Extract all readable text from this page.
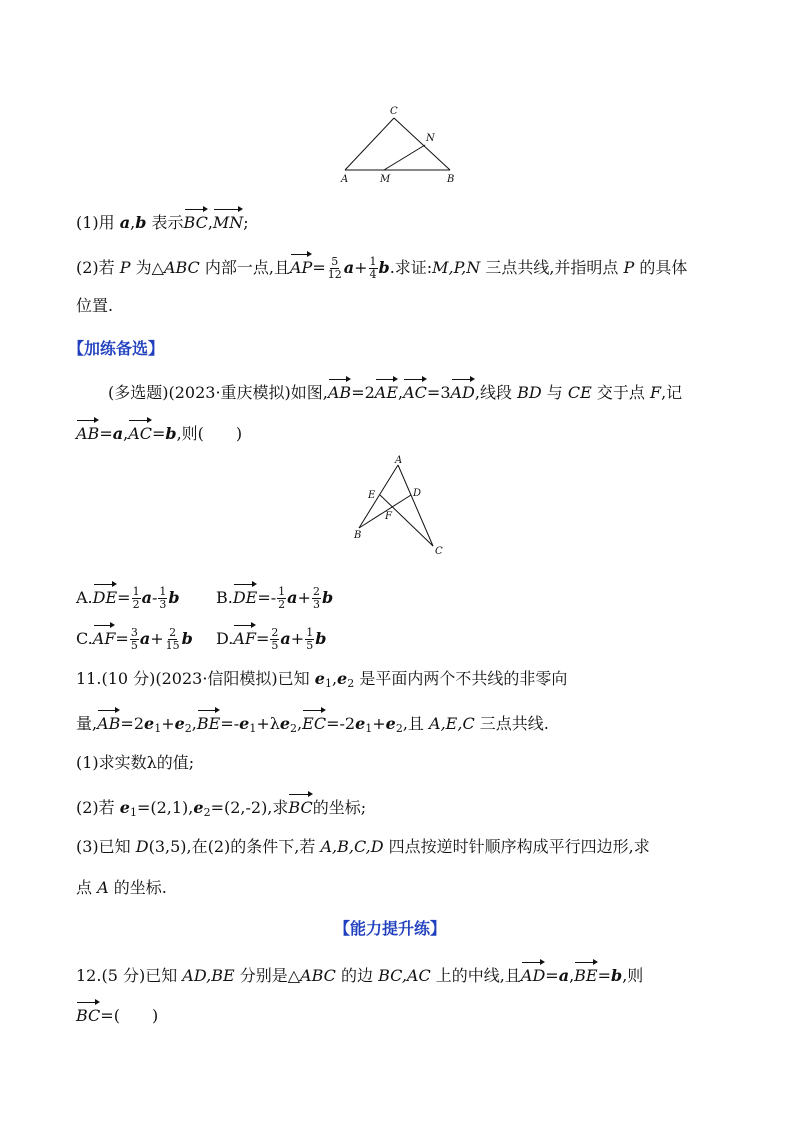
A	M	B
C
N
(1)用 a,b 表示BC,MN;
(2)若 P 为△ABC 内部一点,且$AP= \frac{5}{12} a+ \frac{1}{4} b$.求证:M,P,N 三点共线,并指明点 P 的具体
位置.
【加练备选】
(多选题)(2023·重庆模拟)如图,AB=2AE,AC=3AD,线段 BD 与 CE 交于点 F,记
AB=a,AC=b,则(　　)
A
E	D
F
B
C
$A.DE= \frac{1}{2} a- \frac{1}{3}$ b $B.DE=- \frac{1}{2} a+ \frac{2}{3}$ b
$C.AF= \frac{3}{5} a+ \frac{2}{15}$ b $D.AF= \frac{2}{5} a+ \frac{1}{5}$ b
11.(10 分)(2023·信阳模拟)已知 $e_1,e_2$ 是平面内两个不共线的非零向
量$,AB=2e_1+e_2,BE=-e_1+\lambda e_2,EC=-2e_1+e_2$,且 A,E,C 三点共线.
(1)求实数λ的值;
(2)若 $e_1=(2,1),e_2=(2,-2)$,求BC的坐标;
(3)已知 D(3,5),在(2)的条件下,若 A,B,C,D 四点按逆时针顺序构成平行四边形,求
点 A 的坐标.
【能力提升练】
12.(5 分)已知 AD,BE 分别是△ABC 的边 BC,AC 上的中线,且AD=a,BE=b,则
BC=(　　)
